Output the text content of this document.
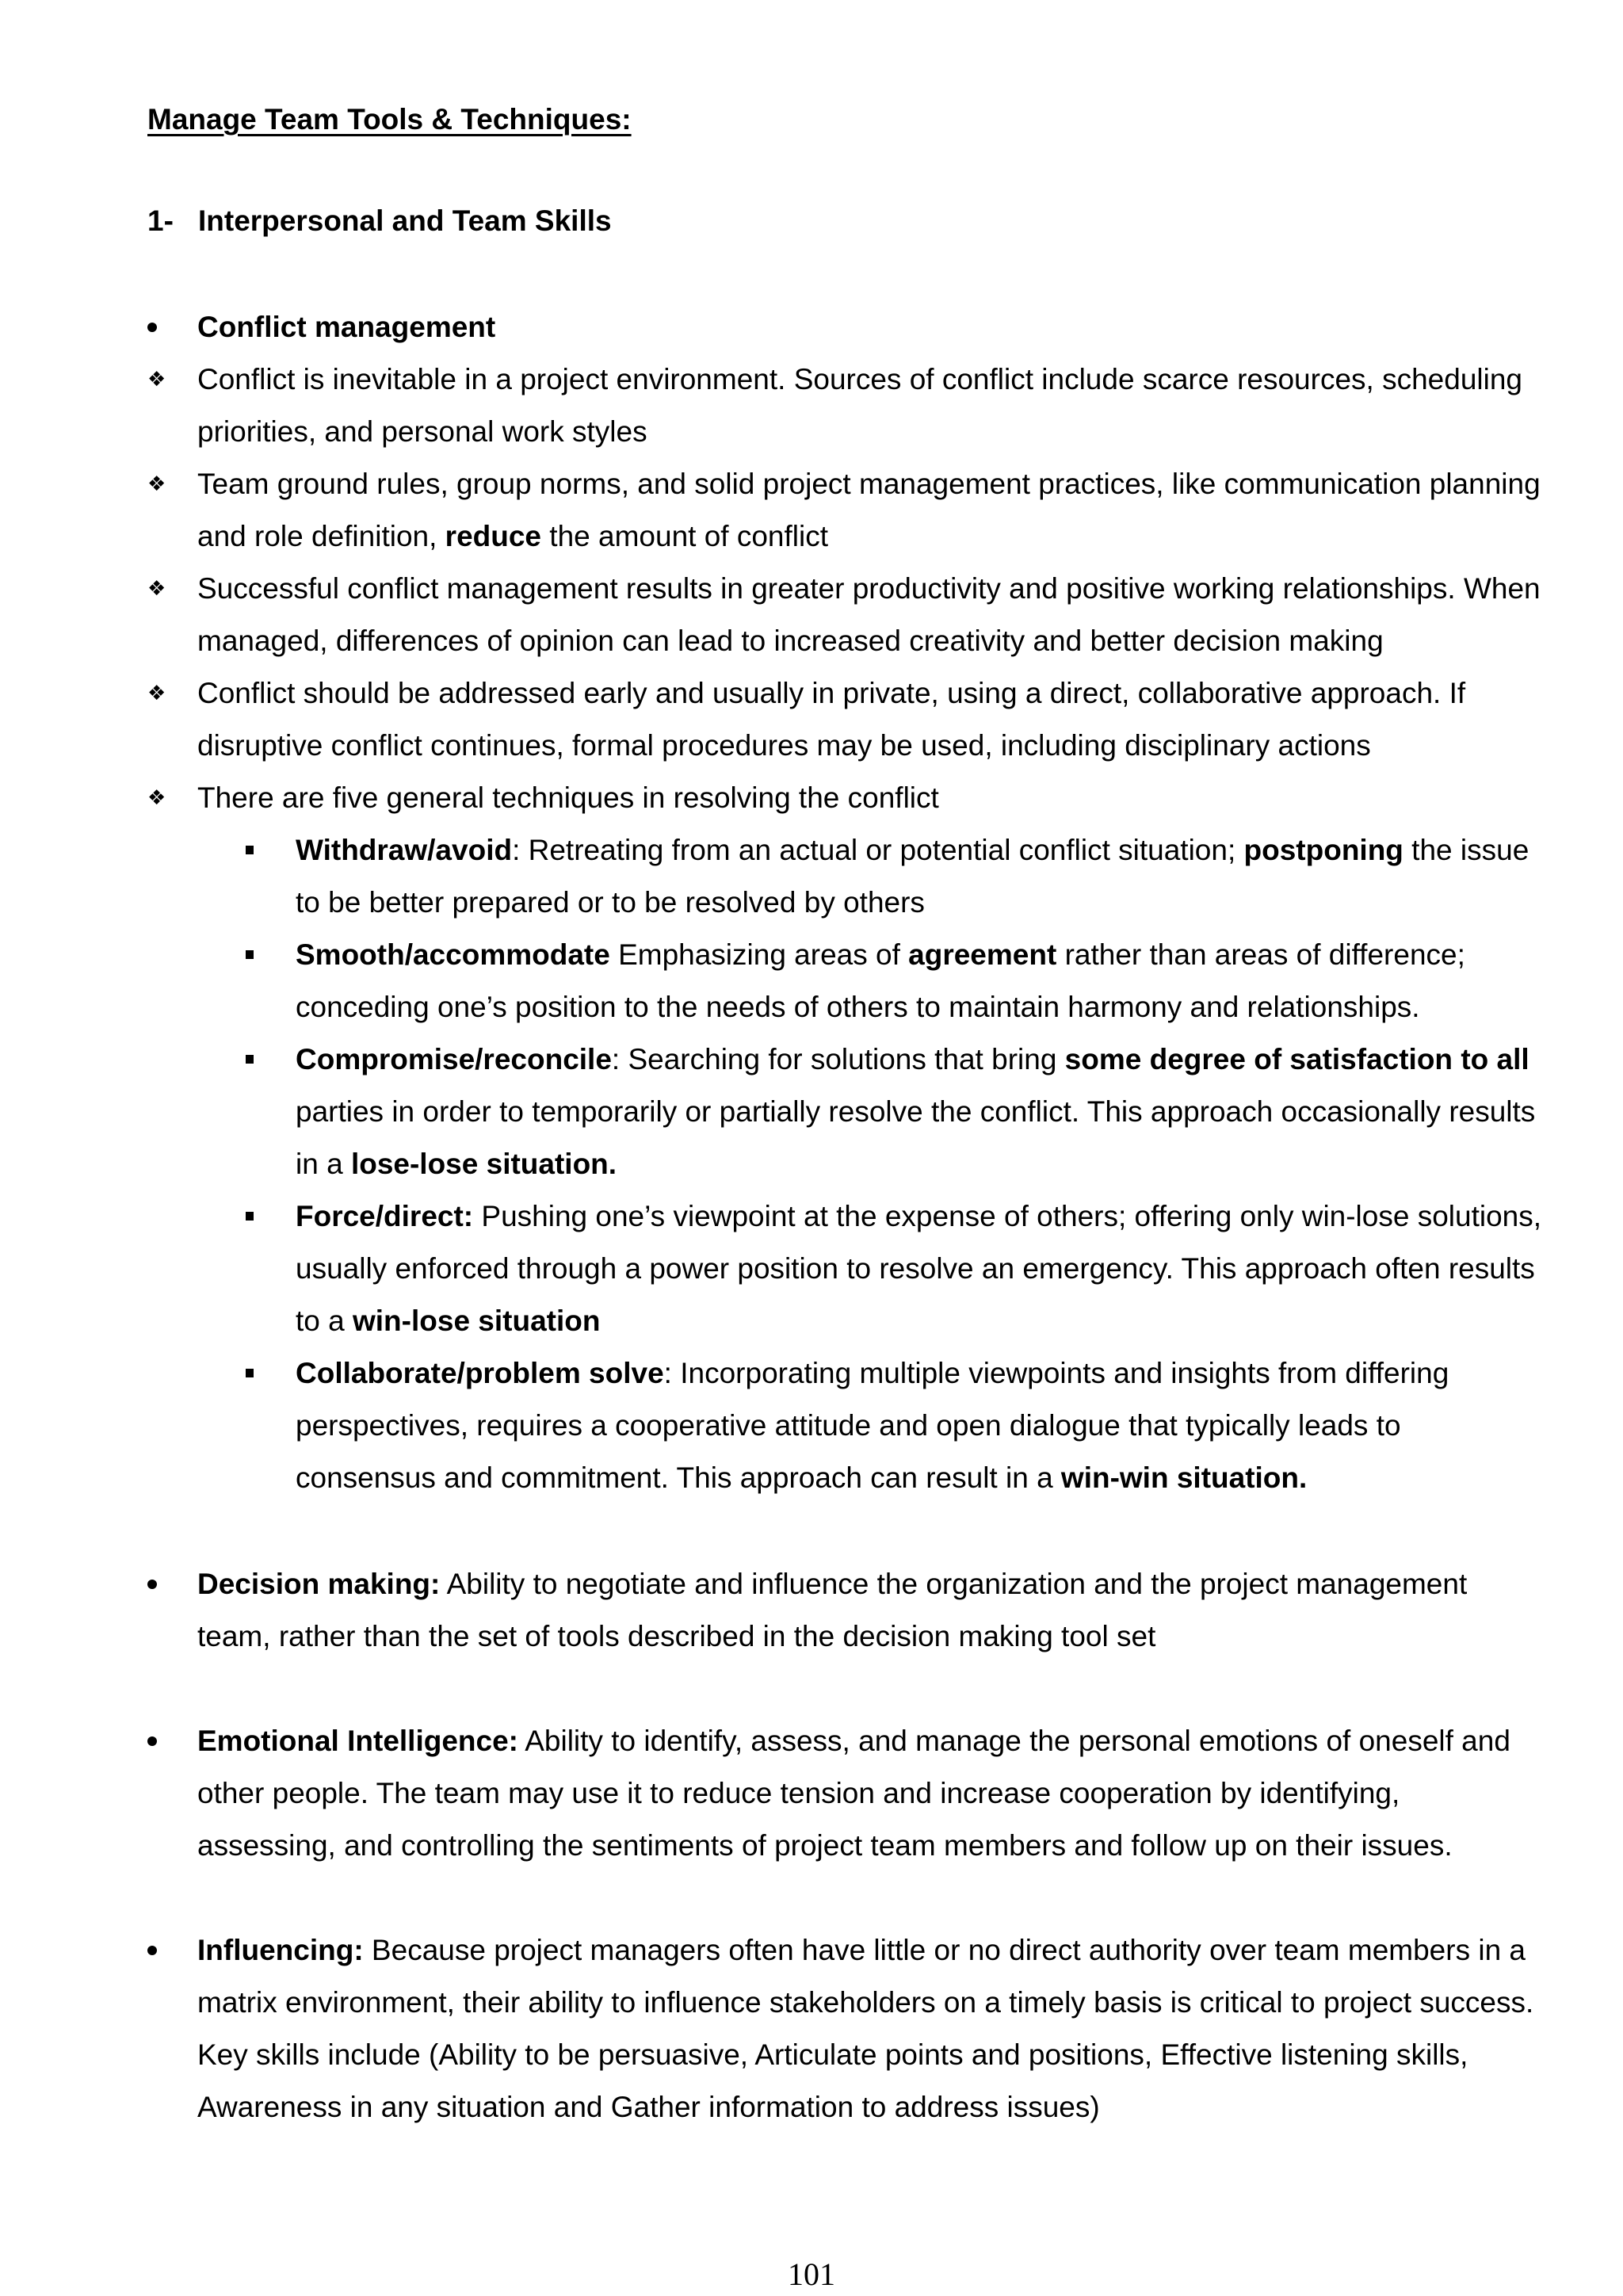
Manage Team Tools & Techniques:
1- Interpersonal and Team Skills
Conflict management
❖	Conflict is inevitable in a project environment. Sources of conflict include scarce resources, scheduling priorities, and personal work styles
❖	Team ground rules, group norms, and solid project management practices, like communication planning and role definition, reduce the amount of conflict
❖	Successful conflict management results in greater productivity and positive working relationships. When managed, differences of opinion can lead to increased creativity and better decision making
❖	Conflict should be addressed early and usually in private, using a direct, collaborative approach. If disruptive conflict continues, formal procedures may be used, including disciplinary actions
❖	There are five general techniques in resolving the conflict
Withdraw/avoid: Retreating from an actual or potential conflict situation; postponing the issue to be better prepared or to be resolved by others
Smooth/accommodate Emphasizing areas of agreement rather than areas of difference; conceding one’s position to the needs of others to maintain harmony and relationships.
Compromise/reconcile: Searching for solutions that bring some degree of satisfaction to all parties in order to temporarily or partially resolve the conflict. This approach occasionally results in a lose-lose situation.
Force/direct: Pushing one’s viewpoint at the expense of others; offering only win-lose solutions, usually enforced through a power position to resolve an emergency. This approach often results to a win-lose situation
Collaborate/problem solve: Incorporating multiple viewpoints and insights from differing perspectives, requires a cooperative attitude and open dialogue that typically leads to consensus and commitment. This approach can result in a win-win situation.
Decision making: Ability to negotiate and influence the organization and the project management team, rather than the set of tools described in the decision making tool set
Emotional Intelligence: Ability to identify, assess, and manage the personal emotions of oneself and other people. The team may use it to reduce tension and increase cooperation by identifying, assessing, and controlling the sentiments of project team members and follow up on their issues.
Influencing: Because project managers often have little or no direct authority over team members in a matrix environment, their ability to influence stakeholders on a timely basis is critical to project success. Key skills include (Ability to be persuasive, Articulate points and positions, Effective listening skills, Awareness in any situation and Gather information to address issues)
101
